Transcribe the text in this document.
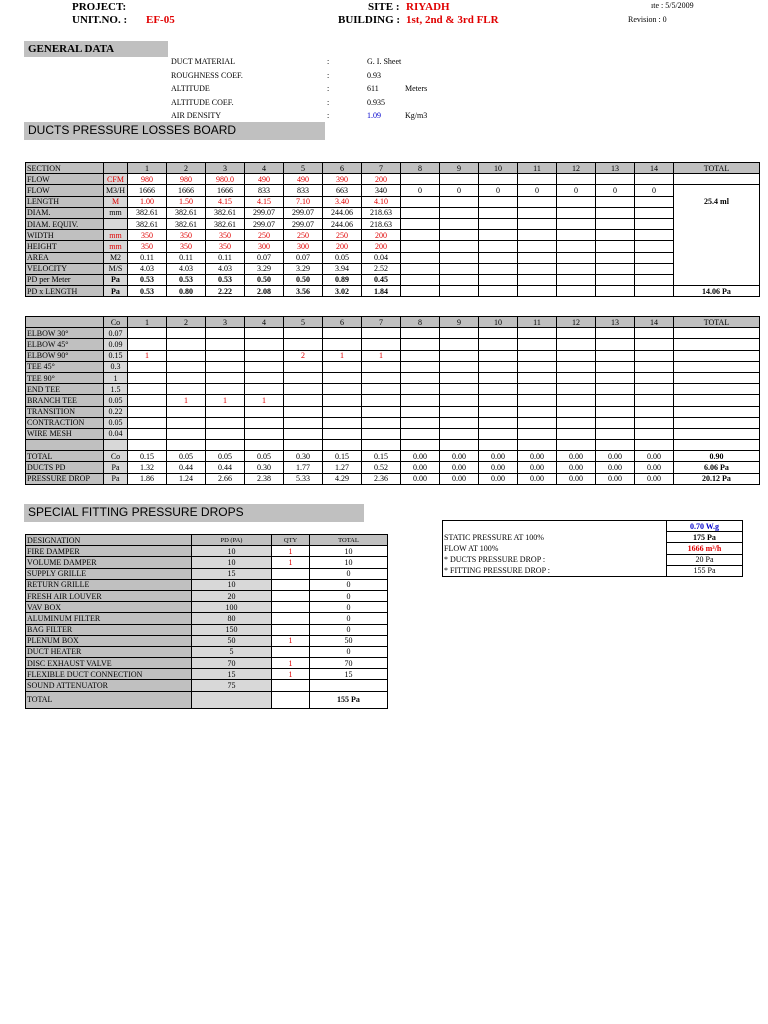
PROJECT:
UNIT.NO. : EF-05
SITE : RIYADH
BUILDING : 1st, 2nd & 3rd FLR
ıte : 5/5/2009
Revision : 0
GENERAL DATA
DUCT MATERIAL	:	G. I. Sheet
ROUGHNESS COEF.	:	0.93
ALTITUDE	:	611	Meters
ALTITUDE COEF.	:	0.935
AIR DENSITY	:	1.09	Kg/m3
DUCTS PRESSURE LOSSES BOARD
SECTION		1	2	3	4	5	6	7	8	9	10	11	12	13	14	TOTAL
FLOW	CFM	980	980	980.0	490	490	390	200								
FLOW	M3/H	1666	1666	1666	833	833	663	340	0	0	0	0	0	0	0	
LENGTH	M	1.00	1.50	4.15	4.15	7.10	3.40	4.10								25.4 ml
DIAM.	mm	382.61	382.61	382.61	299.07	299.07	244.06	218.63								
DIAM. EQUIV.		382.61	382.61	382.61	299.07	299.07	244.06	218.63								
WIDTH	mm	350	350	350	250	250	250	200								
HEIGHT	mm	350	350	350	300	300	200	200								
AREA	M2	0.11	0.11	0.11	0.07	0.07	0.05	0.04								
VELOCITY	M/S	4.03	4.03	4.03	3.29	3.29	3.94	2.52								
PD per Meter	Pa	0.53	0.53	0.53	0.50	0.50	0.89	0.45								
PD x LENGTH	Pa	0.53	0.80	2.22	2.08	3.56	3.02	1.84								14.06 Pa
	Co	1	2	3	4	5	6	7	8	9	10	11	12	13	14	TOTAL
ELBOW 30°	0.07															
ELBOW 45°	0.09															
ELBOW 90°	0.15	1				2	1	1								
TEE 45°	0.3															
TEE 90°	1															
END TEE	1.5															
BRANCH TEE	0.05		1	1	1											
TRANSITION	0.22															
CONTRACTION	0.05															
WIRE MESH	0.04															

TOTAL	Co	0.15	0.05	0.05	0.05	0.30	0.15	0.15	0.00	0.00	0.00	0.00	0.00	0.00	0.00	0.90
DUCTS PD	Pa	1.32	0.44	0.44	0.30	1.77	1.27	0.52	0.00	0.00	0.00	0.00	0.00	0.00	0.00	6.06 Pa
PRESSURE DROP	Pa	1.86	1.24	2.66	2.38	5.33	4.29	2.36	0.00	0.00	0.00	0.00	0.00	0.00	0.00	20.12 Pa
SPECIAL FITTING PRESSURE DROPS
DESIGNATION	PD (PA)	QTY	TOTAL
FIRE DAMPER	10	1	10
VOLUME DAMPER	10	1	10
SUPPLY GRILLE	15		0
RETURN GRILLE	10		0
FRESH AIR LOUVER	20		0
VAV BOX	100		0
ALUMINUM FILTER	80		0
BAG FILTER	150		0
PLENUM BOX	50	1	50
DUCT HEATER	5		0
DISC EXHAUST VALVE	70	1	70
FLEXIBLE DUCT CONNECTION	15	1	15
SOUND ATTENUATOR	75		
TOTAL			155 Pa
	0.70 W.g
STATIC PRESSURE AT 100%	175 Pa
FLOW AT 100%	1666 m³/h
* DUCTS PRESSURE DROP :	20 Pa
* FITTING PRESSURE DROP :	155 Pa
